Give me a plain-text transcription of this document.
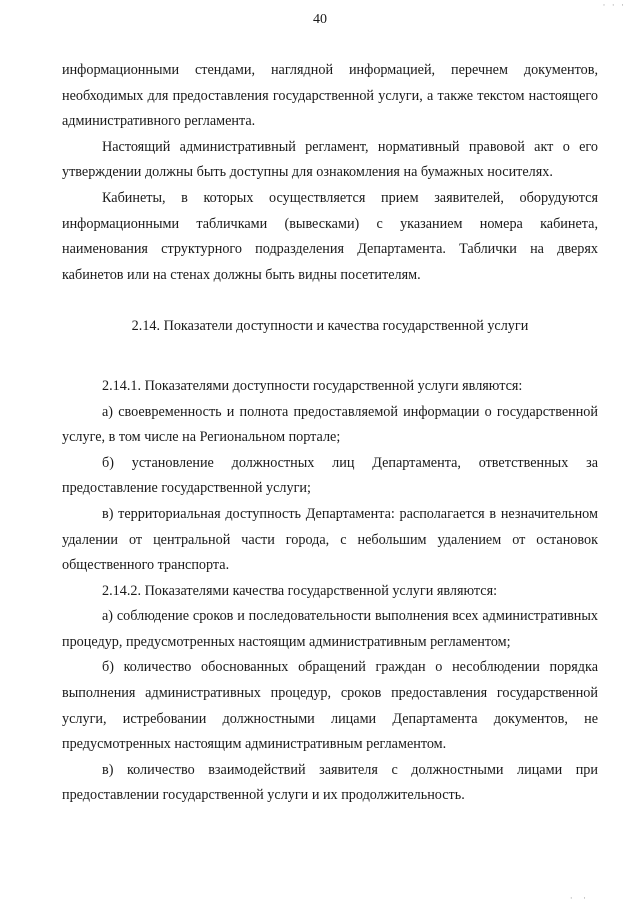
· · ·
40

информационными стендами, наглядной информацией, перечнем документов, необходимых для предоставления государственной услуги, а также текстом настоящего административного регламента.

Настоящий административный регламент, нормативный правовой акт о его утверждении должны быть доступны для ознакомления на бумажных носителях.

Кабинеты, в которых осуществляется прием заявителей, оборудуются информационными табличками (вывесками) с указанием номера кабинета, наименования структурного подразделения Департамента. Таблички на дверях кабинетов или на стенах должны быть видны посетителям.

2.14. Показатели доступности и качества государственной услуги

2.14.1. Показателями доступности государственной услуги являются:

а) своевременность и полнота предоставляемой информации о государственной услуге, в том числе на Региональном портале;

б) установление должностных лиц Департамента, ответственных за предоставление государственной услуги;

в) территориальная доступность Департамента: располагается в незначительном удалении от центральной части города, с небольшим удалением от остановок общественного транспорта.

2.14.2. Показателями качества государственной услуги являются:

а) соблюдение сроков и последовательности выполнения всех административных процедур, предусмотренных настоящим административным регламентом;

б) количество обоснованных обращений граждан о несоблюдении порядка выполнения административных процедур, сроков предоставления государственной услуги, истребовании должностными лицами Департамента документов, не предусмотренных настоящим административным регламентом.

в) количество взаимодействий заявителя с должностными лицами при предоставлении государственной услуги и их продолжительность.

· ·
